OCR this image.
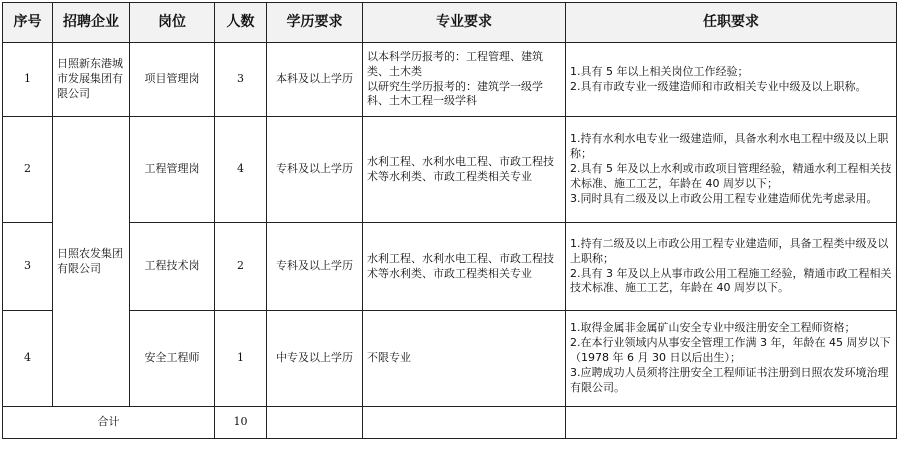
序号	招聘企业	岗位	人数	学历要求	专业要求	任职要求
1	日照新东港城市发展集团有限公司	项目管理岗	3	本科及以上学历	以本科学历报考的：工程管理、建筑类、土木类
以研究生学历报考的：建筑学一级学科、土木工程一级学科	1.具有 5 年以上相关岗位工作经验；
2.具有市政专业一级建造师和市政相关专业中级及以上职称。

2	日照农发集团有限公司	工程管理岗	4	专科及以上学历	水利工程、水利水电工程、市政工程技术等水利类、市政工程类相关专业	1.持有水利水电专业一级建造师，具备水利水电工程中级及以上职称；
2.具有 5 年及以上水利或市政项目管理经验，精通水利工程相关技术标准、施工工艺，年龄在 40 周岁以下；
3.同时具有二级及以上市政公用工程专业建造师优先考虑录用。

3		工程技术岗	2	专科及以上学历	水利工程、水利水电工程、市政工程技术等水利类、市政工程类相关专业	1.持有二级及以上市政公用工程专业建造师，具备工程类中级及以上职称；
2.具有 3 年及以上从事市政公用工程施工经验，精通市政工程相关技术标准、施工工艺，年龄在 40 周岁以下。

4		安全工程师	1	中专及以上学历	不限专业	1.取得金属非金属矿山安全专业中级注册安全工程师资格；
2.在本行业领域内从事安全管理工作满 3 年，年龄在 45 周岁以下（1978 年 6 月 30 日以后出生）；
3.应聘成功人员须将注册安全工程师证书注册到日照农发环境治理有限公司。

合计			10			
